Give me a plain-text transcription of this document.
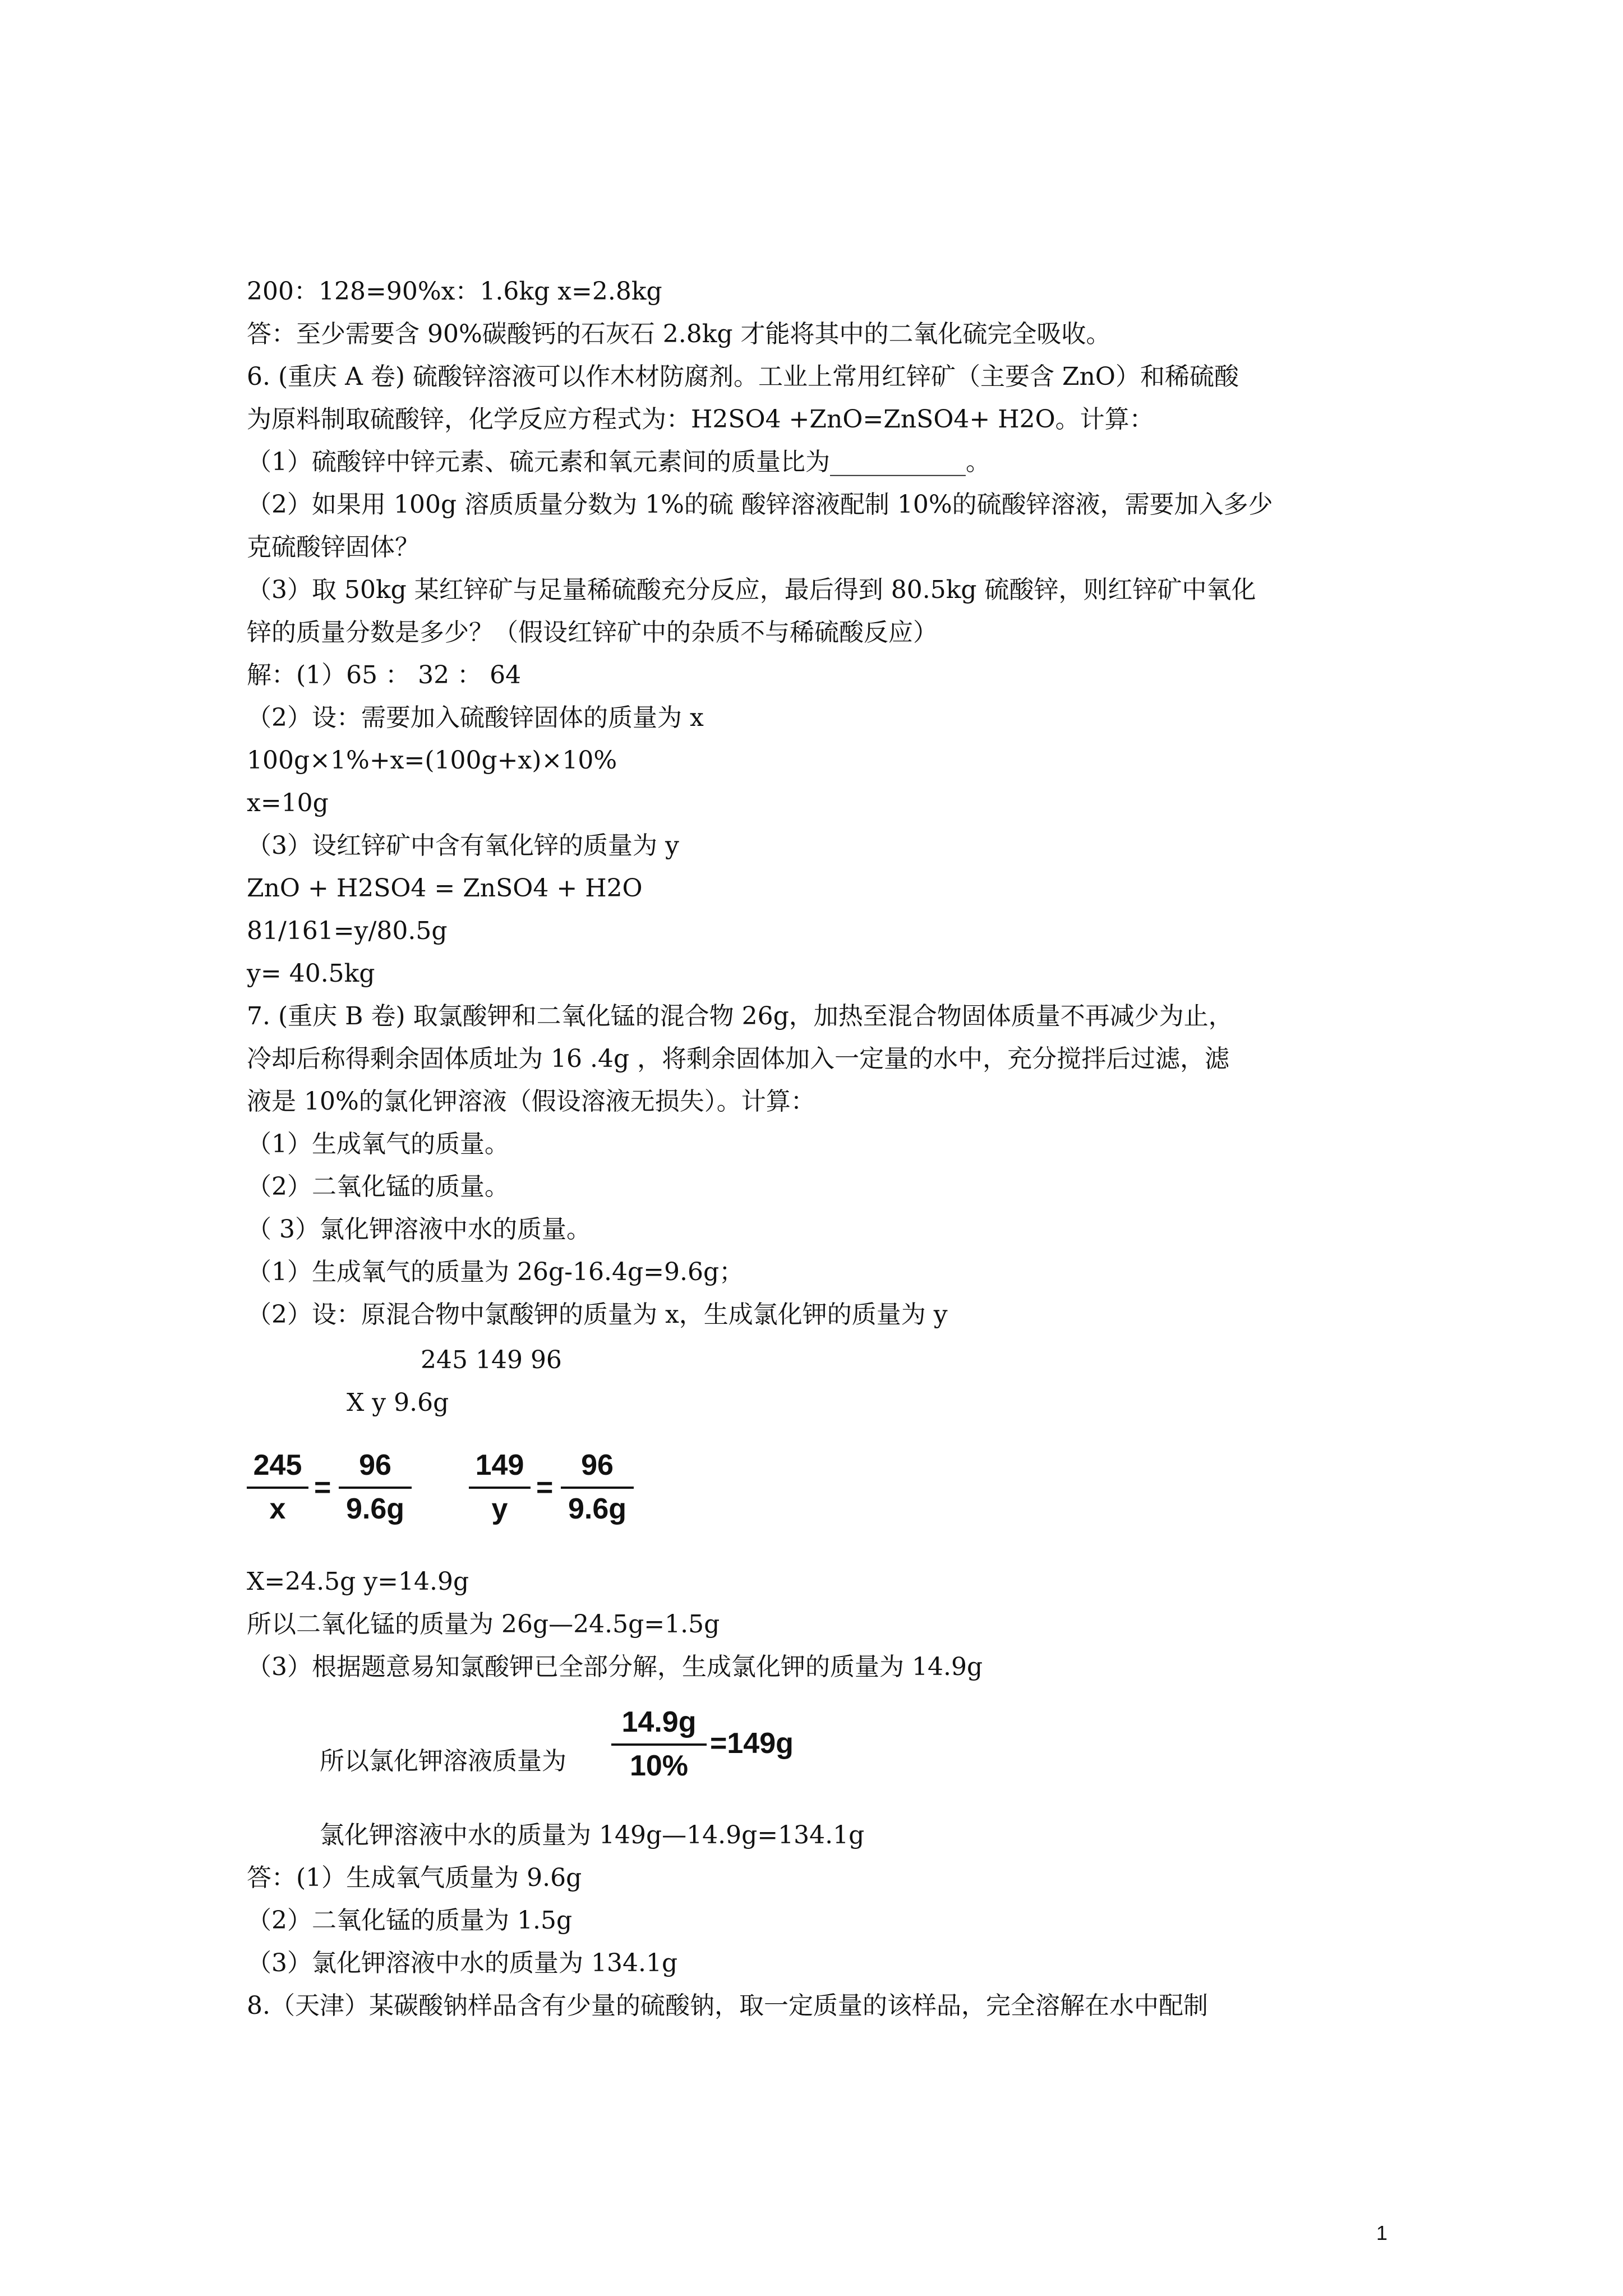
200：128=90%x：1.6kg x=2.8kg
答：至少需要含 90%碳酸钙的石灰石 2.8kg 才能将其中的二氧化硫完全吸收。
6. (重庆 A 卷) 硫酸锌溶液可以作木材防腐剂。工业上常用红锌矿（主要含 ZnO）和稀硫酸
为原料制取硫酸锌，化学反应方程式为：H2SO4 +ZnO=ZnSO4+ H2O。计算：
（1）硫酸锌中锌元素、硫元素和氧元素间的质量比为___________。
（2）如果用 100g 溶质质量分数为 1%的硫 酸锌溶液配制 10%的硫酸锌溶液，需要加入多少
克硫酸锌固体？
（3）取 50kg 某红锌矿与足量稀硫酸充分反应，最后得到 80.5kg 硫酸锌，则红锌矿中氧化
锌的质量分数是多少？（假设红锌矿中的杂质不与稀硫酸反应）
解：(1）65 ： 32 ： 64
（2）设：需要加入硫酸锌固体的质量为 x
100g×1%+x=(100g+x)×10%
x=10g
（3）设红锌矿中含有氧化锌的质量为 y
ZnO + H2SO4 = ZnSO4 + H2O
81/161=y/80.5g
y= 40.5kg
7. (重庆 B 卷) 取氯酸钾和二氧化锰的混合物 26g，加热至混合物固体质量不再减少为止，
冷却后称得剩余固体质址为 16 .4g ，将剩余固体加入一定量的水中，充分搅拌后过滤，滤
液是 10%的氯化钾溶液（假设溶液无损失）。计算：
（1）生成氧气的质量。
（2）二氧化锰的质量。
（ 3）氯化钾溶液中水的质量。
（1）生成氧气的质量为 26g-16.4g=9.6g；
（2）设：原混合物中氯酸钾的质量为 x，生成氯化钾的质量为 y
245 149 96
X y 9.6g
245
x
=
96
9.6g
149
y
=
96
9.6g
X=24.5g y=14.9g
所以二氧化锰的质量为 26g—24.5g=1.5g
（3）根据题意易知氯酸钾已全部分解，生成氯化钾的质量为 14.9g
所以氯化钾溶液质量为
14.9g
10%
=149g
氯化钾溶液中水的质量为 149g—14.9g=134.1g
答：(1）生成氧气质量为 9.6g
（2）二氧化锰的质量为 1.5g
（3）氯化钾溶液中水的质量为 134.1g
8.（天津）某碳酸钠样品含有少量的硫酸钠，取一定质量的该样品，完全溶解在水中配制
1
